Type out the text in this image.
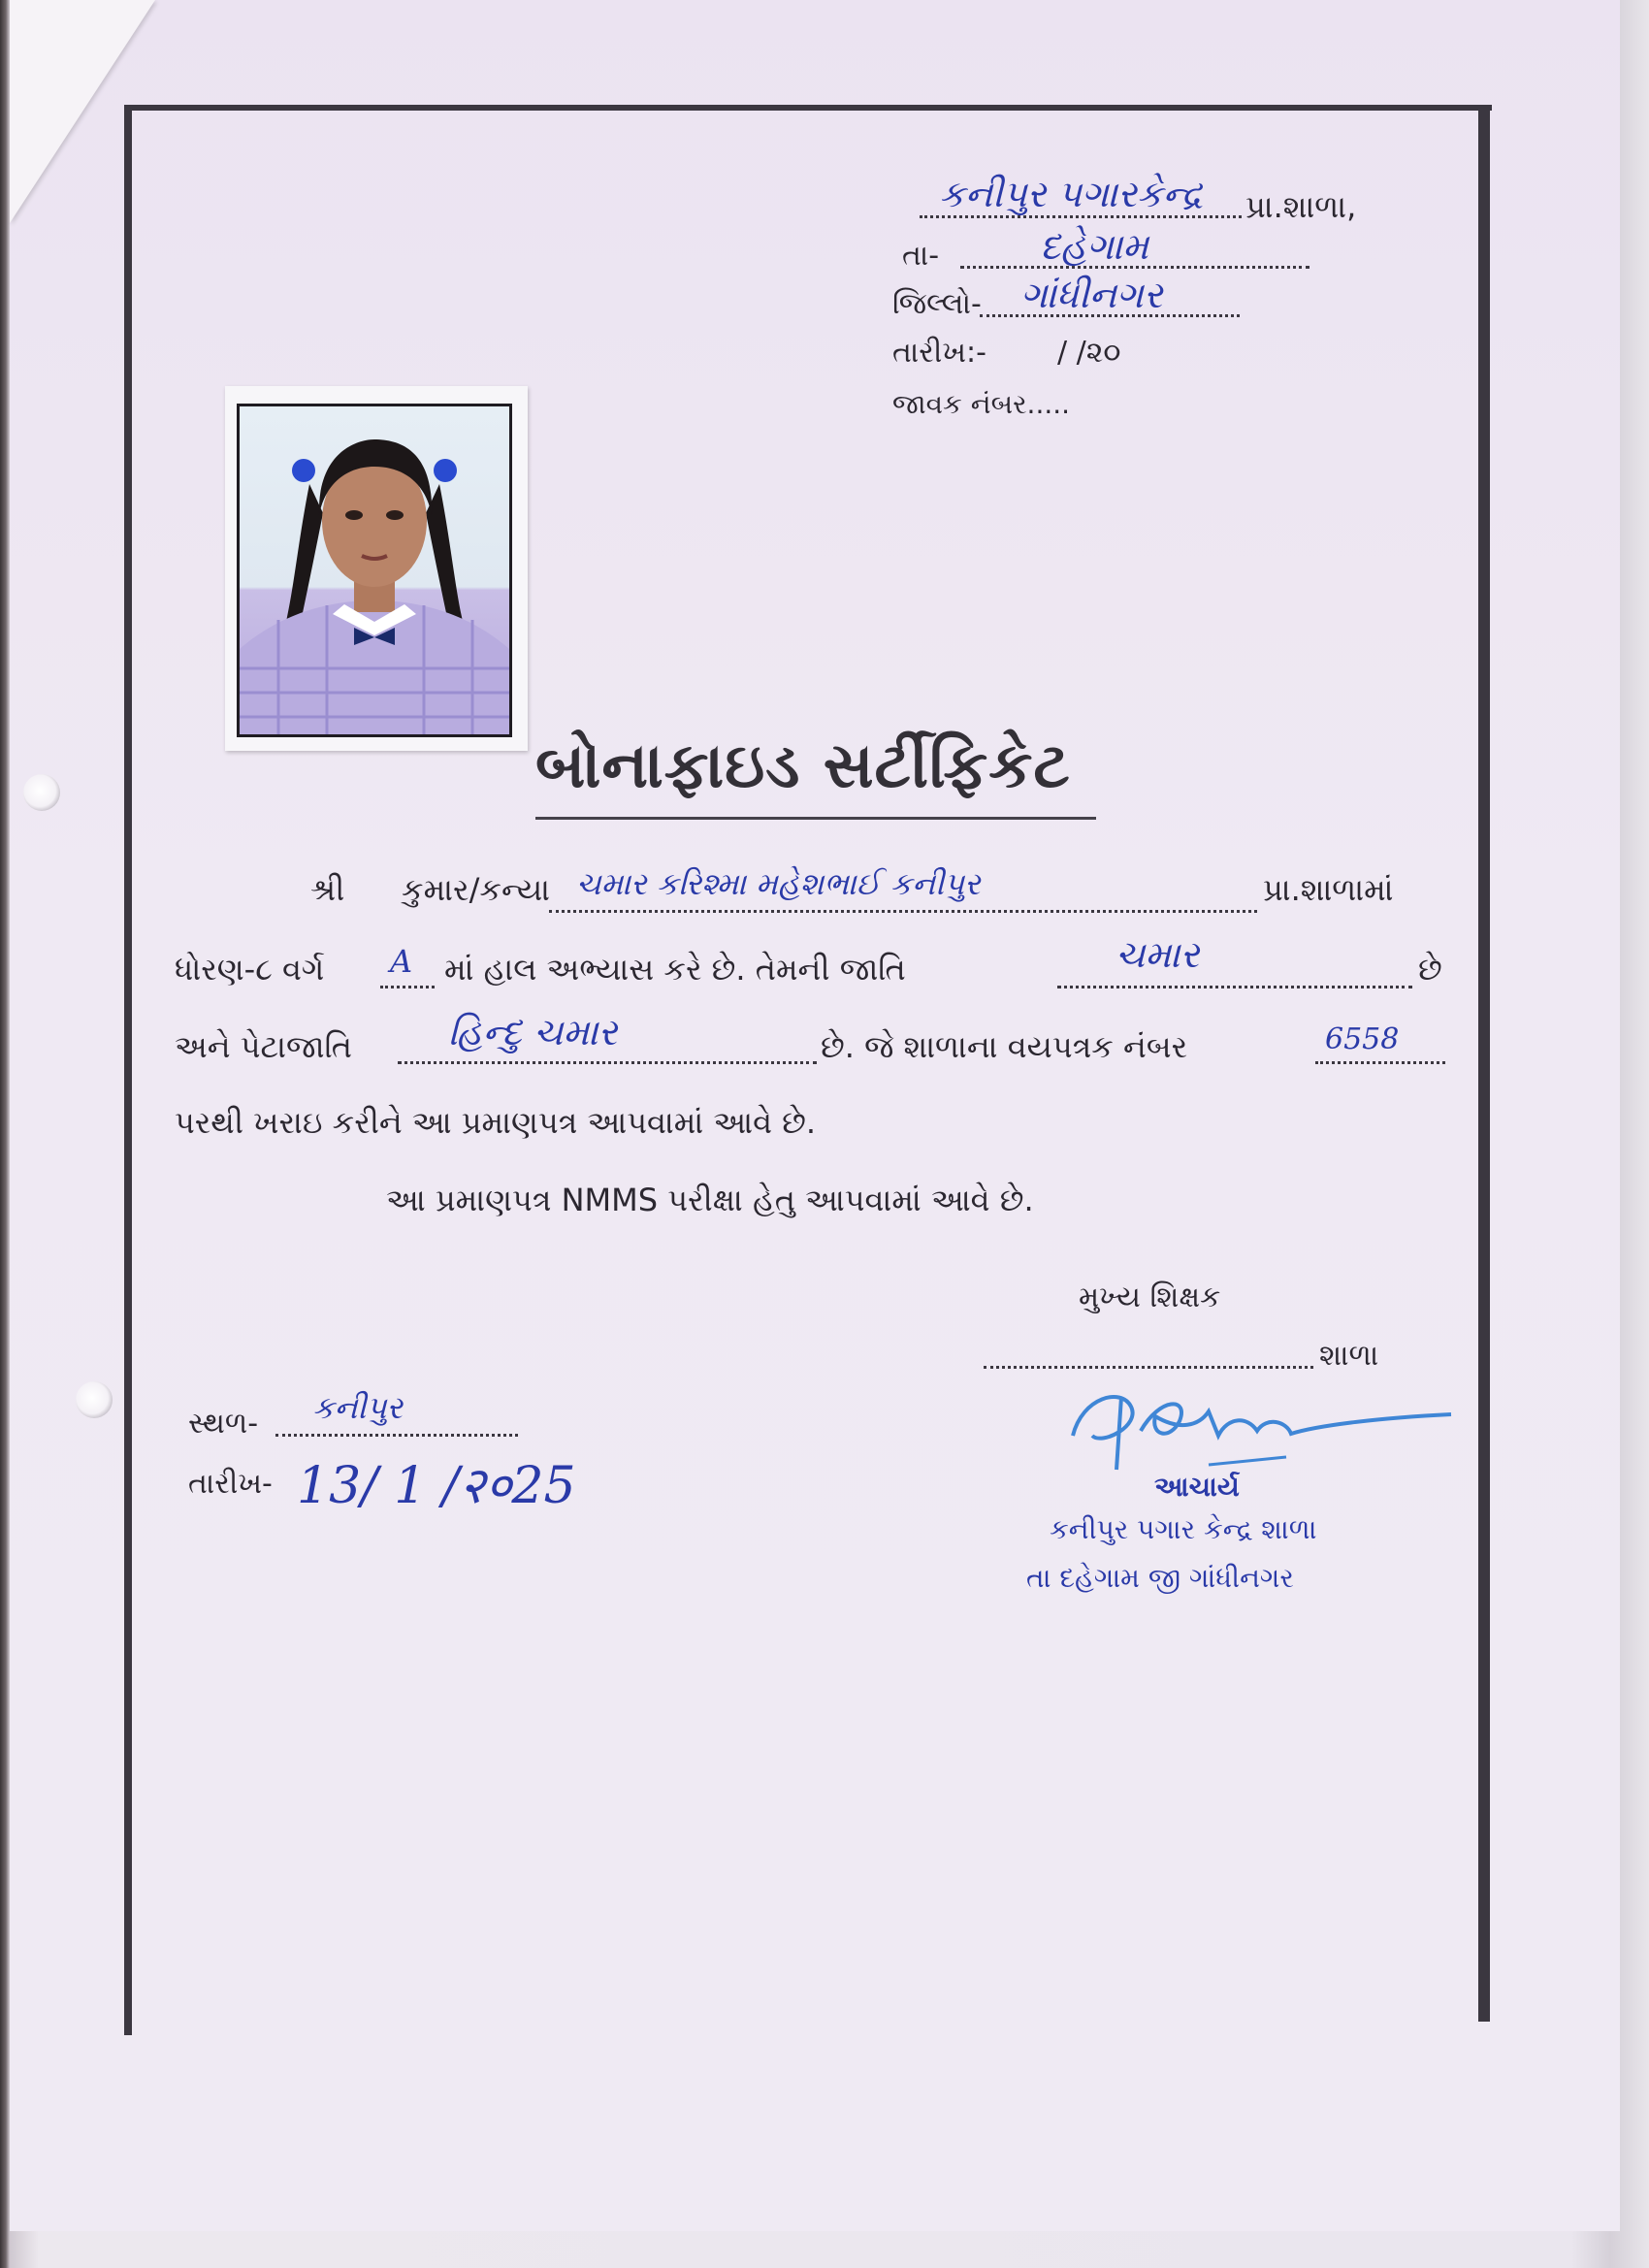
કનીપુર પગારકેન્દ્ર પ્રા.શાળા,
તા-	દહેગામ
જિલ્લો- ગાંધીનગર
તારીખ:- / /૨૦
જાવક નંબર.....
બોનાફાઇડ સર્ટીફિકેટ
શ્રી કુમાર/કન્યા ચમાર કરિશ્મા મહેશભાઈ કનીપુર	પ્રા.શાળામાં
ધોરણ-૮ વર્ગ A માં હાલ અભ્યાસ કરે છે. તેમની જાતિ	ચમાર	છે
અને પેટાજાતિ	હિન્દુ ચમાર	છે. જે શાળાના વયપત્રક નંબર	6558
પરથી ખરાઇ કરીને આ પ્રમાણપત્ર આપવામાં આવે છે.
આ પ્રમાણપત્ર NMMS પરીક્ષા હેતુ આપવામાં આવે છે.
મુખ્ય શિક્ષક
શાળા
સ્થળ- કનીપુર
તારીખ- 13/ 1 /२०25	આચાર્ય
કનીપુર પગાર કેન્દ્ર શાળા
તા દહેગામ જી ગાંધીનગર
